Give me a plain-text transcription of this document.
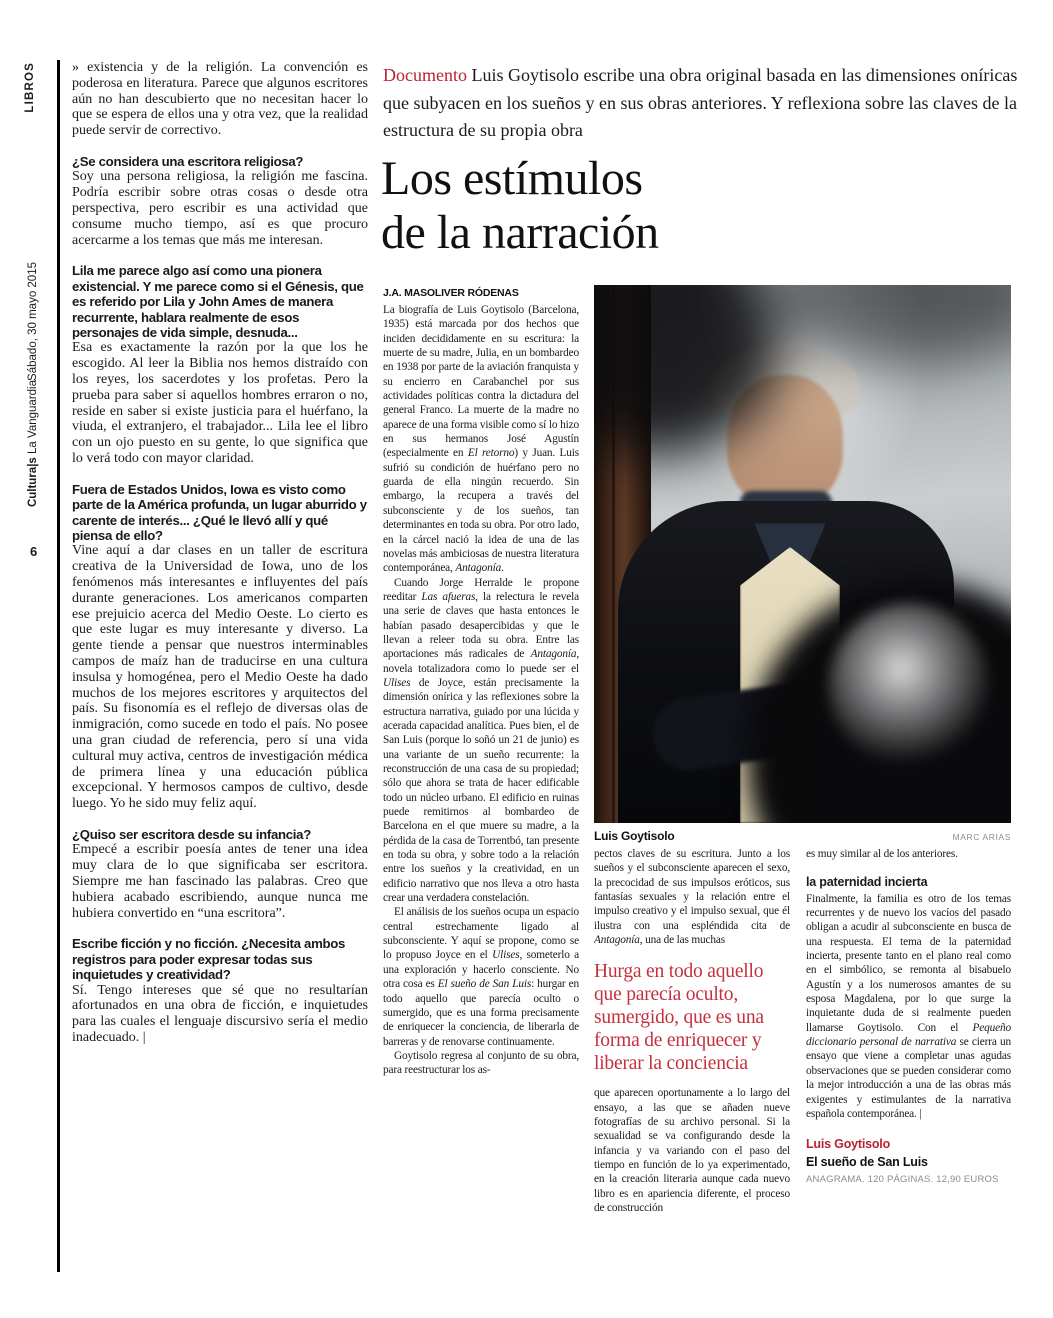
LIBROS
Sábado, 30 mayo 2015
Cultura|s La Vanguardia
6
» existencia y de la religión. La convención es poderosa en literatura. Parece que algunos escritores aún no han descubierto que no necesitan hacer lo que se espera de ellos una y otra vez, que la realidad puede servir de correctivo.
¿Se considera una escritora religiosa?
Soy una persona religiosa, la religión me fascina. Podría escribir sobre otras cosas o desde otra perspectiva, pero escribir es una actividad que consume mucho tiempo, así es que procuro acercarme a los temas que más me interesan.
Lila me parece algo así como una pionera existencial. Y me parece como si el Génesis, que es referido por Lila y John Ames de manera recurrente, hablara realmente de esos personajes de vida simple, desnuda...
Esa es exactamente la razón por la que los he escogido. Al leer la Biblia nos hemos distraído con los reyes, los sacerdotes y los profetas. Pero la prueba para saber si aquellos hombres erraron o no, reside en saber si existe justicia para el huérfano, la viuda, el extranjero, el trabajador... Lila lee el libro con un ojo puesto en su gente, lo que significa que lo verá todo con mayor claridad.
Fuera de Estados Unidos, Iowa es visto como parte de la América profunda, un lugar aburrido y carente de interés... ¿Qué le llevó allí y qué piensa de ello?
Vine aquí a dar clases en un taller de escritura creativa de la Universidad de Iowa, uno de los fenómenos más interesantes e influyentes del país durante generaciones. Los americanos comparten ese prejuicio acerca del Medio Oeste. Lo cierto es que este lugar es muy interesante y diverso. La gente tiende a pensar que nuestros interminables campos de maíz han de traducirse en una cultura insulsa y homogénea, pero el Medio Oeste ha dado muchos de los mejores escritores y arquitectos del país. Su fisonomía es el reflejo de diversas olas de inmigración, como sucede en todo el país. No posee una gran ciudad de referencia, pero sí una vida cultural muy activa, centros de investigación médica de primera línea y una educación pública excepcional. Y hermosos campos de cultivo, desde luego. Yo he sido muy feliz aquí.
¿Quiso ser escritora desde su infancia?
Empecé a escribir poesía antes de tener una idea muy clara de lo que significaba ser escritora. Siempre me han fascinado las palabras. Creo que hubiera acabado escribiendo, aunque nunca me hubiera convertido en “una escritora”.
Escribe ficción y no ficción. ¿Necesita ambos registros para poder expresar todas sus inquietudes y creatividad?
Sí. Tengo intereses que sé que no resultarían afortunados en una obra de ficción, e inquietudes para las cuales el lenguaje discursivo sería el medio inadecuado. |
Documento Luis Goytisolo escribe una obra original basada en las dimensiones oníricas que subyacen en los sueños y en sus obras anteriores. Y reflexiona sobre las claves de la estructura de su propia obra
Los estímulos
de la narración
J.A. MASOLIVER RÓDENAS

La biografía de Luis Goytisolo (Barcelona, 1935) está marcada por dos hechos que inciden decididamente en su escritura: la muerte de su madre, Julia, en un bombardeo en 1938 por parte de la aviación franquista y su encierro en Carabanchel por sus actividades políticas contra la dictadura del general Franco. La muerte de la madre no aparece de una forma visible como sí lo hizo en sus hermanos José Agustín (especialmente en El retorno) y Juan. Luis sufrió su condición de huérfano pero no guarda de ella ningún recuerdo. Sin embargo, la recupera a través del subconsciente y de los sueños, tan determinantes en toda su obra. Por otro lado, en la cárcel nació la idea de una de las novelas más ambiciosas de nuestra literatura contemporánea, Antagonía.

Cuando Jorge Herralde le propone reeditar Las afueras, la relectura le revela una serie de claves que hasta entonces le habían pasado desapercibidas y que le llevan a releer toda su obra. Entre las aportaciones más radicales de Antagonía, novela totalizadora como lo puede ser el Ulises de Joyce, están precisamente la dimensión onírica y las reflexiones sobre la estructura narrativa, guiado por una lúcida y acerada capacidad analítica. Pues bien, el de San Luis (porque lo soñó un 21 de junio) es una variante de un sueño recurrente: la reconstrucción de una casa de su propiedad; sólo que ahora se trata de hacer edificable todo un núcleo urbano. El edificio en ruinas puede remitirnos al bombardeo de Barcelona en el que muere su madre, a la pérdida de la casa de Torrentbó, tan presente en toda su obra, y sobre todo a la relación entre los sueños y la creatividad, en un edificio narrativo que nos lleva a otro hasta crear una verdadera constelación.

El análisis de los sueños ocupa un espacio central estrechamente ligado al subconsciente. Y aquí se propone, como se lo propuso Joyce en el Ulises, someterlo a una exploración y hacerlo consciente. No otra cosa es El sueño de San Luis: hurgar en todo aquello que parecía oculto o sumergido, que es una forma precisamente de enriquecer la conciencia, de liberarla de barreras y de renovarse continuamente.

Goytisolo regresa al conjunto de su obra, para reestructurar los as-

Luis Goytisolo	MARC ARIAS

pectos claves de su escritura. Junto a los sueños y el subconsciente aparecen el sexo, la precocidad de sus impulsos eróticos, sus fantasías sexuales y la relación entre el impulso creativo y el impulso sexual, que él ilustra con una espléndida cita de Antagonía, una de las muchas

Hurga en todo aquello que parecía oculto, sumergido, que es una forma de enriquecer y liberar la conciencia

que aparecen oportunamente a lo largo del ensayo, a las que se añaden nueve fotografías de su archivo personal. Si la sexualidad se va configurando desde la infancia y va variando con el paso del tiempo en función de lo ya experimentado, en la creación literaria aunque cada nuevo libro es en apariencia diferente, el proceso de construcción

es muy similar al de los anteriores.

la paternidad incierta

Finalmente, la familia es otro de los temas recurrentes y de nuevo los vacíos del pasado obligan a acudir al subconsciente en busca de una respuesta. El tema de la paternidad incierta, presente tanto en el plano real como en el simbólico, se remonta al bisabuelo Agustín y a los numerosos amantes de su esposa Magdalena, por lo que surge la inquietante duda de si realmente pueden llamarse Goytisolo. Con el Pequeño diccionario personal de narrativa se cierra un ensayo que viene a completar unas agudas observaciones que se pueden considerar como la mejor introducción a una de las obras más exigentes y estimulantes de la narrativa española contemporánea. |

Luis Goytisolo
El sueño de San Luis
ANAGRAMA. 120 PÁGINAS. 12,90 EUROS
